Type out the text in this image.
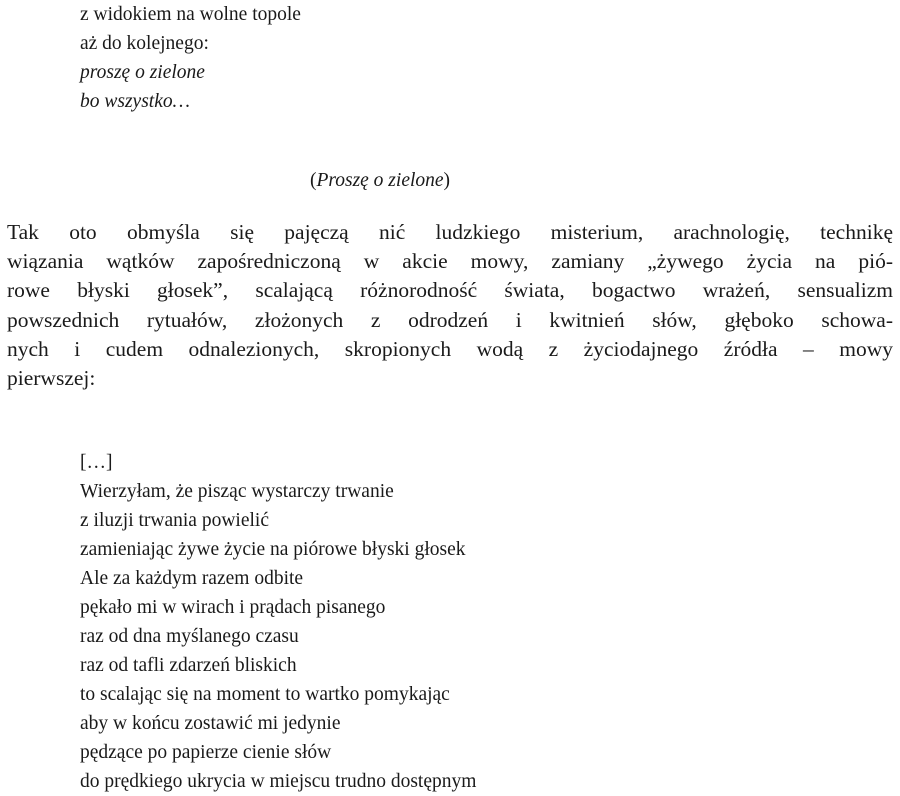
z widokiem na wolne topole
aż do kolejnego:
proszę o zielone
bo wszystko…
(Proszę o zielone)
Tak oto obmyśla się pajęczą nić ludzkiego misterium, arachnologię, technikę
wiązania wątków zapośredniczoną w akcie mowy, zamiany „żywego życia na pió-
rowe błyski głosek”, scalającą różnorodność świata, bogactwo wrażeń, sensualizm
powszednich rytuałów, złożonych z odrodzeń i kwitnień słów, głęboko schowa-
nych i cudem odnalezionych, skropionych wodą z życiodajnego źródła – mowy
pierwszej:
[…]
Wierzyłam, że pisząc wystarczy trwanie
z iluzji trwania powielić
zamieniając żywe życie na piórowe błyski głosek
Ale za każdym razem odbite
pękało mi w wirach i prądach pisanego
raz od dna myślanego czasu
raz od tafli zdarzeń bliskich
to scalając się na moment to wartko pomykając
aby w końcu zostawić mi jedynie
pędzące po papierze cienie słów
do prędkiego ukrycia w miejscu trudno dostępnym
